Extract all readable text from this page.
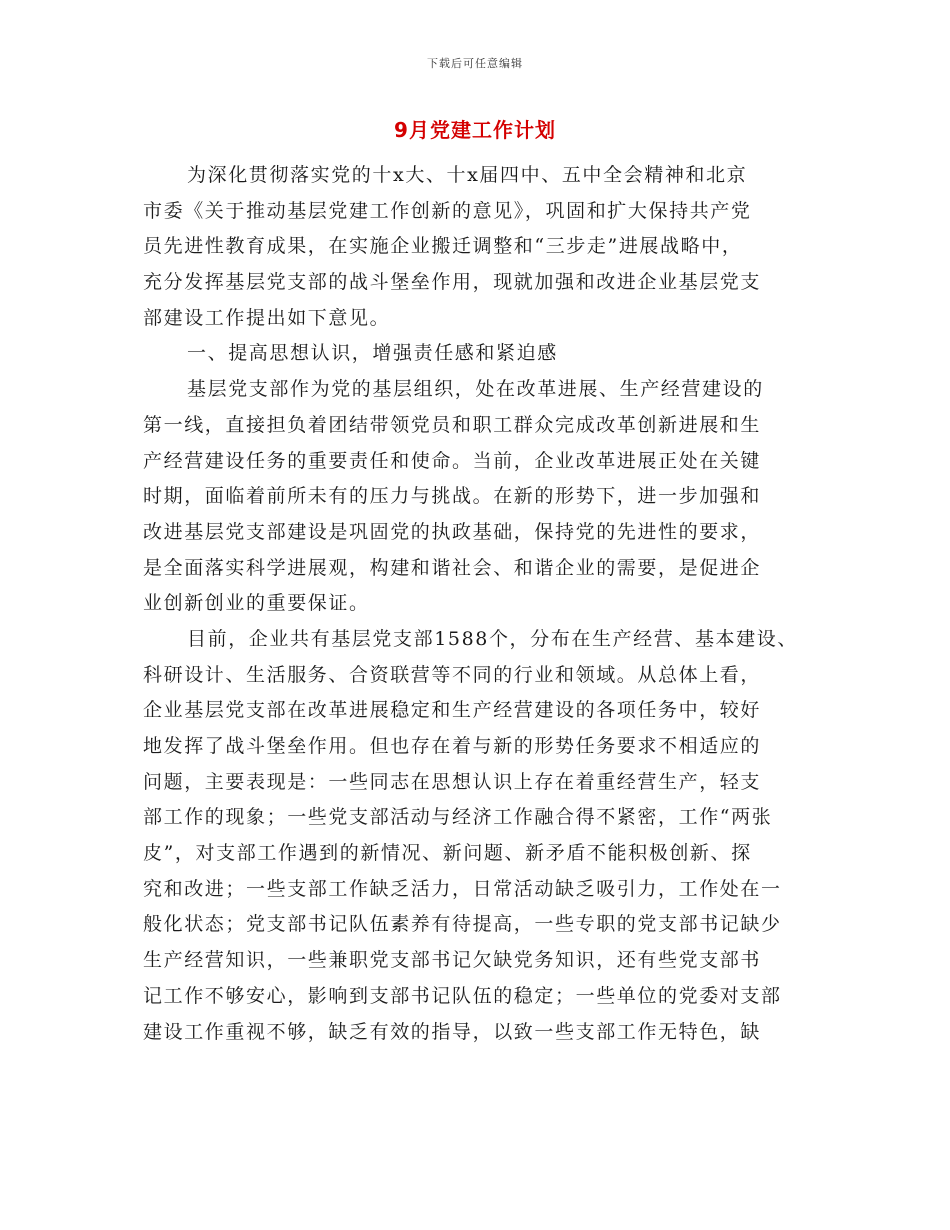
下载后可任意编辑
9月党建工作计划
为深化贯彻落实党的十x大、十x届四中、五中全会精神和北京
市委《关于推动基层党建工作创新的意见》，巩固和扩大保持共产党
员先进性教育成果，在实施企业搬迁调整和“三步走”进展战略中，
充分发挥基层党支部的战斗堡垒作用，现就加强和改进企业基层党支
部建设工作提出如下意见。
一、提高思想认识，增强责任感和紧迫感
基层党支部作为党的基层组织，处在改革进展、生产经营建设的
第一线，直接担负着团结带领党员和职工群众完成改革创新进展和生
产经营建设任务的重要责任和使命。当前，企业改革进展正处在关键
时期，面临着前所未有的压力与挑战。在新的形势下，进一步加强和
改进基层党支部建设是巩固党的执政基础，保持党的先进性的要求，
是全面落实科学进展观，构建和谐社会、和谐企业的需要，是促进企
业创新创业的重要保证。
目前，企业共有基层党支部1588个，分布在生产经营、基本建设、
科研设计、生活服务、合资联营等不同的行业和领域。从总体上看，
企业基层党支部在改革进展稳定和生产经营建设的各项任务中，较好
地发挥了战斗堡垒作用。但也存在着与新的形势任务要求不相适应的
问题，主要表现是：一些同志在思想认识上存在着重经营生产，轻支
部工作的现象；一些党支部活动与经济工作融合得不紧密，工作“两张
皮”，对支部工作遇到的新情况、新问题、新矛盾不能积极创新、探
究和改进；一些支部工作缺乏活力，日常活动缺乏吸引力，工作处在一
般化状态；党支部书记队伍素养有待提高，一些专职的党支部书记缺少
生产经营知识，一些兼职党支部书记欠缺党务知识，还有些党支部书
记工作不够安心，影响到支部书记队伍的稳定；一些单位的党委对支部
建设工作重视不够，缺乏有效的指导，以致一些支部工作无特色，缺
